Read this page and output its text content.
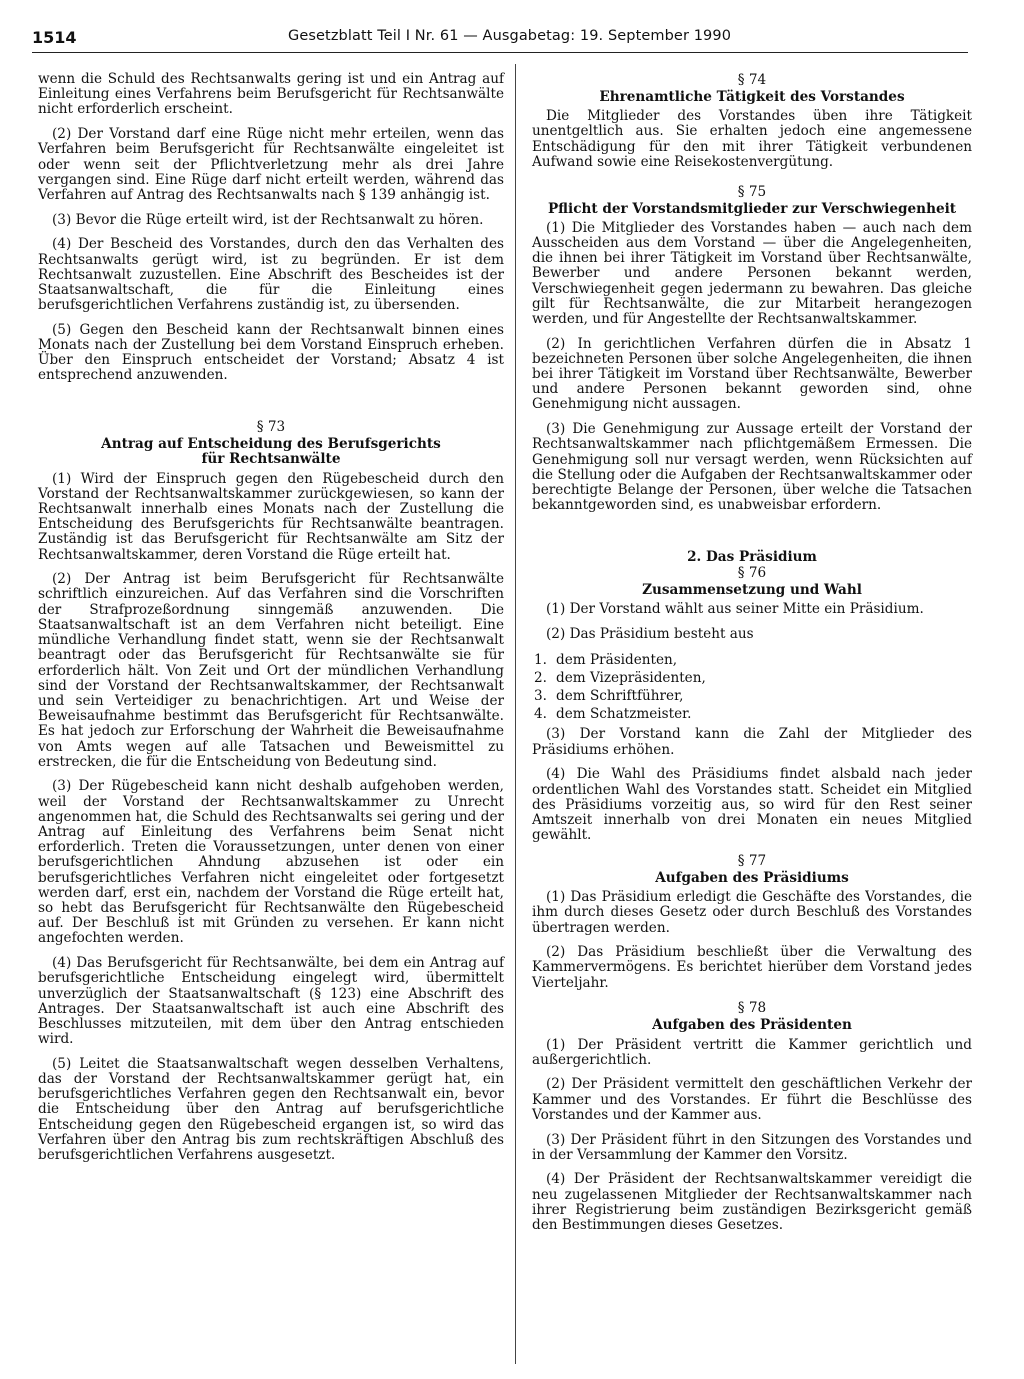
1514	Gesetzblatt Teil I Nr. 61 — Ausgabetag: 19. September 1990

wenn die Schuld des Rechtsanwalts gering ist und ein Antrag auf Einleitung eines Verfahrens beim Berufsgericht für Rechtsanwälte nicht erforderlich erscheint.

(2) Der Vorstand darf eine Rüge nicht mehr erteilen, wenn das Verfahren beim Berufsgericht für Rechtsanwälte eingeleitet ist oder wenn seit der Pflichtverletzung mehr als drei Jahre vergangen sind. Eine Rüge darf nicht erteilt werden, während das Verfahren auf Antrag des Rechtsanwalts nach § 139 anhängig ist.

(3) Bevor die Rüge erteilt wird, ist der Rechtsanwalt zu hören.

(4) Der Bescheid des Vorstandes, durch den das Verhalten des Rechtsanwalts gerügt wird, ist zu begründen. Er ist dem Rechtsanwalt zuzustellen. Eine Abschrift des Bescheides ist der Staatsanwaltschaft, die für die Einleitung eines berufsgerichtlichen Verfahrens zuständig ist, zu übersenden.

(5) Gegen den Bescheid kann der Rechtsanwalt binnen eines Monats nach der Zustellung bei dem Vorstand Einspruch erheben. Über den Einspruch entscheidet der Vorstand; Absatz 4 ist entsprechend anzuwenden.

§ 73
Antrag auf Entscheidung des Berufsgerichts
für Rechtsanwälte

(1) Wird der Einspruch gegen den Rügebescheid durch den Vorstand der Rechtsanwaltskammer zurückgewiesen, so kann der Rechtsanwalt innerhalb eines Monats nach der Zustellung die Entscheidung des Berufsgerichts für Rechtsanwälte beantragen. Zuständig ist das Berufsgericht für Rechtsanwälte am Sitz der Rechtsanwaltskammer, deren Vorstand die Rüge erteilt hat.

(2) Der Antrag ist beim Berufsgericht für Rechtsanwälte schriftlich einzureichen. Auf das Verfahren sind die Vorschriften der Strafprozeßordnung sinngemäß anzuwenden. Die Staatsanwaltschaft ist an dem Verfahren nicht beteiligt. Eine mündliche Verhandlung findet statt, wenn sie der Rechtsanwalt beantragt oder das Berufsgericht für Rechtsanwälte sie für erforderlich hält. Von Zeit und Ort der mündlichen Verhandlung sind der Vorstand der Rechtsanwaltskammer, der Rechtsanwalt und sein Verteidiger zu benachrichtigen. Art und Weise der Beweisaufnahme bestimmt das Berufsgericht für Rechtsanwälte. Es hat jedoch zur Erforschung der Wahrheit die Beweisaufnahme von Amts wegen auf alle Tatsachen und Beweismittel zu erstrecken, die für die Entscheidung von Bedeutung sind.

(3) Der Rügebescheid kann nicht deshalb aufgehoben werden, weil der Vorstand der Rechtsanwaltskammer zu Unrecht angenommen hat, die Schuld des Rechtsanwalts sei gering und der Antrag auf Einleitung des Verfahrens beim Senat nicht erforderlich. Treten die Voraussetzungen, unter denen von einer berufsgerichtlichen Ahndung abzusehen ist oder ein berufsgerichtliches Verfahren nicht eingeleitet oder fortgesetzt werden darf, erst ein, nachdem der Vorstand die Rüge erteilt hat, so hebt das Berufsgericht für Rechtsanwälte den Rügebescheid auf. Der Beschluß ist mit Gründen zu versehen. Er kann nicht angefochten werden.

(4) Das Berufsgericht für Rechtsanwälte, bei dem ein Antrag auf berufsgerichtliche Entscheidung eingelegt wird, übermittelt unverzüglich der Staatsanwaltschaft (§ 123) eine Abschrift des Antrages. Der Staatsanwaltschaft ist auch eine Abschrift des Beschlusses mitzuteilen, mit dem über den Antrag entschieden wird.

(5) Leitet die Staatsanwaltschaft wegen desselben Verhaltens, das der Vorstand der Rechtsanwaltskammer gerügt hat, ein berufsgerichtliches Verfahren gegen den Rechtsanwalt ein, bevor die Entscheidung über den Antrag auf berufsgerichtliche Entscheidung gegen den Rügebescheid ergangen ist, so wird das Verfahren über den Antrag bis zum rechtskräftigen Abschluß des berufsgerichtlichen Verfahrens ausgesetzt.

§ 74
Ehrenamtliche Tätigkeit des Vorstandes

Die Mitglieder des Vorstandes üben ihre Tätigkeit unentgeltlich aus. Sie erhalten jedoch eine angemessene Entschädigung für den mit ihrer Tätigkeit verbundenen Aufwand sowie eine Reisekostenvergütung.

§ 75
Pflicht der Vorstandsmitglieder zur Verschwiegenheit

(1) Die Mitglieder des Vorstandes haben — auch nach dem Ausscheiden aus dem Vorstand — über die Angelegenheiten, die ihnen bei ihrer Tätigkeit im Vorstand über Rechtsanwälte, Bewerber und andere Personen bekannt werden, Verschwiegenheit gegen jedermann zu bewahren. Das gleiche gilt für Rechtsanwälte, die zur Mitarbeit herangezogen werden, und für Angestellte der Rechtsanwaltskammer.

(2) In gerichtlichen Verfahren dürfen die in Absatz 1 bezeichneten Personen über solche Angelegenheiten, die ihnen bei ihrer Tätigkeit im Vorstand über Rechtsanwälte, Bewerber und andere Personen bekannt geworden sind, ohne Genehmigung nicht aussagen.

(3) Die Genehmigung zur Aussage erteilt der Vorstand der Rechtsanwaltskammer nach pflichtgemäßem Ermessen. Die Genehmigung soll nur versagt werden, wenn Rücksichten auf die Stellung oder die Aufgaben der Rechtsanwaltskammer oder berechtigte Belange der Personen, über welche die Tatsachen bekanntgeworden sind, es unabweisbar erfordern.

2. Das Präsidium
§ 76
Zusammensetzung und Wahl

(1) Der Vorstand wählt aus seiner Mitte ein Präsidium.

(2) Das Präsidium besteht aus

1. dem Präsidenten,
2. dem Vizepräsidenten,
3. dem Schriftführer,
4. dem Schatzmeister.

(3) Der Vorstand kann die Zahl der Mitglieder des Präsidiums erhöhen.

(4) Die Wahl des Präsidiums findet alsbald nach jeder ordentlichen Wahl des Vorstandes statt. Scheidet ein Mitglied des Präsidiums vorzeitig aus, so wird für den Rest seiner Amtszeit innerhalb von drei Monaten ein neues Mitglied gewählt.

§ 77
Aufgaben des Präsidiums

(1) Das Präsidium erledigt die Geschäfte des Vorstandes, die ihm durch dieses Gesetz oder durch Beschluß des Vorstandes übertragen werden.

(2) Das Präsidium beschließt über die Verwaltung des Kammervermögens. Es berichtet hierüber dem Vorstand jedes Vierteljahr.

§ 78
Aufgaben des Präsidenten

(1) Der Präsident vertritt die Kammer gerichtlich und außergerichtlich.

(2) Der Präsident vermittelt den geschäftlichen Verkehr der Kammer und des Vorstandes. Er führt die Beschlüsse des Vorstandes und der Kammer aus.

(3) Der Präsident führt in den Sitzungen des Vorstandes und in der Versammlung der Kammer den Vorsitz.

(4) Der Präsident der Rechtsanwaltskammer vereidigt die neu zugelassenen Mitglieder der Rechtsanwaltskammer nach ihrer Registrierung beim zuständigen Bezirksgericht gemäß den Bestimmungen dieses Gesetzes.
